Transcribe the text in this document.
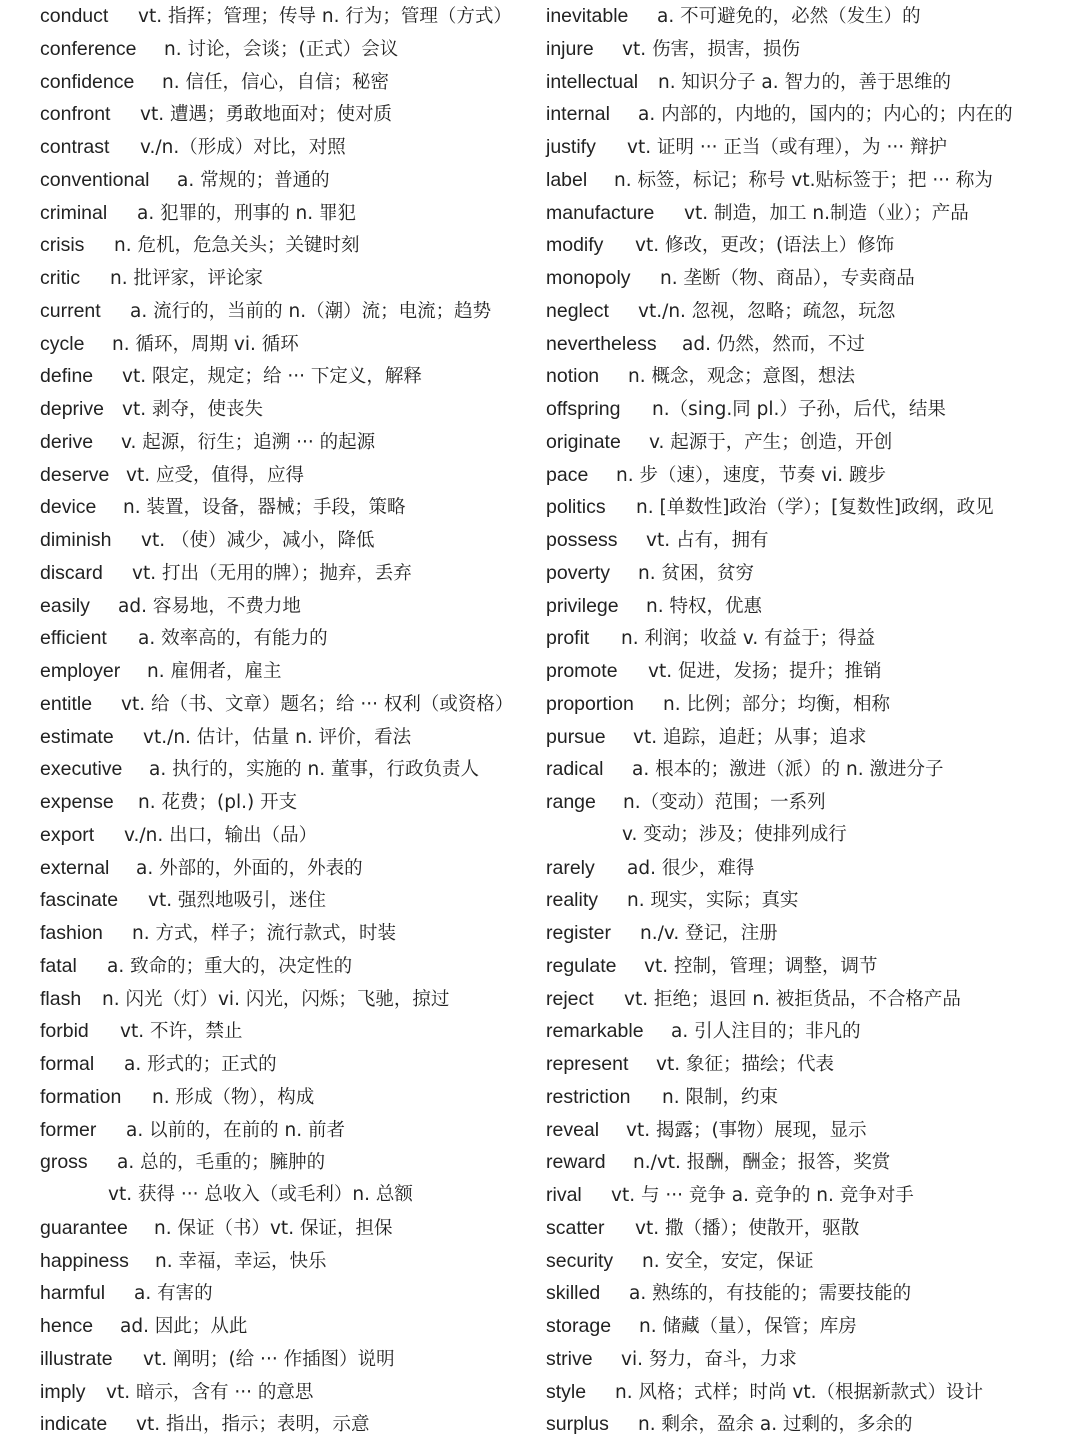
conduct vt. 指挥；管理；传导 n. 行为；管理（方式）
conference n. 讨论，会谈；(正式）会议
confidence n. 信任，信心，自信；秘密
confront vt. 遭遇；勇敢地面对；使对质
contrast v./n.（形成）对比，对照
conventional a. 常规的；普通的
criminal a. 犯罪的，刑事的 n. 罪犯
crisis n. 危机，危急关头；关键时刻
critic n. 批评家，评论家
current a. 流行的，当前的 n.（潮）流；电流；趋势
cycle n. 循环，周期 vi. 循环
define vt. 限定，规定；给 ··· 下定义，解释
deprive vt. 剥夺，使丧失
derive v. 起源，衍生；追溯 ··· 的起源
deserve vt. 应受，值得，应得
device n. 装置，设备，器械；手段，策略
diminish vt. （使）减少，减小，降低
discard vt. 打出（无用的牌）；抛弃，丢弃
easily ad. 容易地，不费力地
efficient a. 效率高的，有能力的
employer n. 雇佣者，雇主
entitle vt. 给（书、文章）题名；给 ··· 权利（或资格）
estimate vt./n. 估计，估量 n. 评价，看法
executive a. 执行的，实施的 n. 董事，行政负责人
expense n. 花费；(pl.) 开支
export v./n. 出口，输出（品）
external a. 外部的，外面的，外表的
fascinate vt. 强烈地吸引，迷住
fashion n. 方式，样子；流行款式，时装
fatal a. 致命的；重大的，决定性的
flash n. 闪光（灯）vi. 闪光，闪烁；飞驰，掠过
forbid vt. 不许，禁止
formal a. 形式的；正式的
formation n. 形成（物），构成
former a. 以前的，在前的 n. 前者
gross a. 总的，毛重的；臃肿的
vt. 获得 ··· 总收入（或毛利）n. 总额
guarantee n. 保证（书）vt. 保证，担保
happiness n. 幸福，幸运，快乐
harmful a. 有害的
hence ad. 因此；从此
illustrate vt. 阐明；(给 ··· 作插图）说明
imply vt. 暗示，含有 ··· 的意思
indicate vt. 指出，指示；表明，示意
inevitable a. 不可避免的，必然（发生）的
injure vt. 伤害，损害，损伤
intellectual n. 知识分子 a. 智力的，善于思维的
internal a. 内部的，内地的，国内的；内心的；内在的
justify vt. 证明 ··· 正当（或有理），为 ··· 辩护
label n. 标签，标记；称号 vt.贴标签于；把 ··· 称为
manufacture vt. 制造，加工 n.制造（业）；产品
modify vt. 修改，更改；(语法上）修饰
monopoly n. 垄断（物、商品），专卖商品
neglect vt./n. 忽视，忽略；疏忽，玩忽
nevertheless ad. 仍然，然而，不过
notion n. 概念，观念；意图，想法
offspring n.（sing.同 pl.）子孙，后代，结果
originate v. 起源于，产生；创造，开创
pace n. 步（速），速度，节奏 vi. 踱步
politics n. [单数性]政治（学）；[复数性]政纲，政见
possess vt. 占有，拥有
poverty n. 贫困，贫穷
privilege n. 特权，优惠
profit n. 利润；收益 v. 有益于；得益
promote vt. 促进，发扬；提升；推销
proportion n. 比例；部分；均衡，相称
pursue vt. 追踪，追赶；从事；追求
radical a. 根本的；激进（派）的 n. 激进分子
range n.（变动）范围；一系列
v. 变动；涉及；使排列成行
rarely ad. 很少，难得
reality n. 现实，实际；真实
register n./v. 登记，注册
regulate vt. 控制，管理；调整，调节
reject vt. 拒绝；退回 n. 被拒货品，不合格产品
remarkable a. 引人注目的；非凡的
represent vt. 象征；描绘；代表
restriction n. 限制，约束
reveal vt. 揭露；(事物）展现，显示
reward n./vt. 报酬，酬金；报答，奖赏
rival vt. 与 ··· 竞争 a. 竞争的 n. 竞争对手
scatter vt. 撒（播）；使散开，驱散
security n. 安全，安定，保证
skilled a. 熟练的，有技能的；需要技能的
storage n. 储藏（量），保管；库房
strive vi. 努力，奋斗，力求
style n. 风格；式样；时尚 vt.（根据新款式）设计
surplus n. 剩余，盈余 a. 过剩的，多余的
